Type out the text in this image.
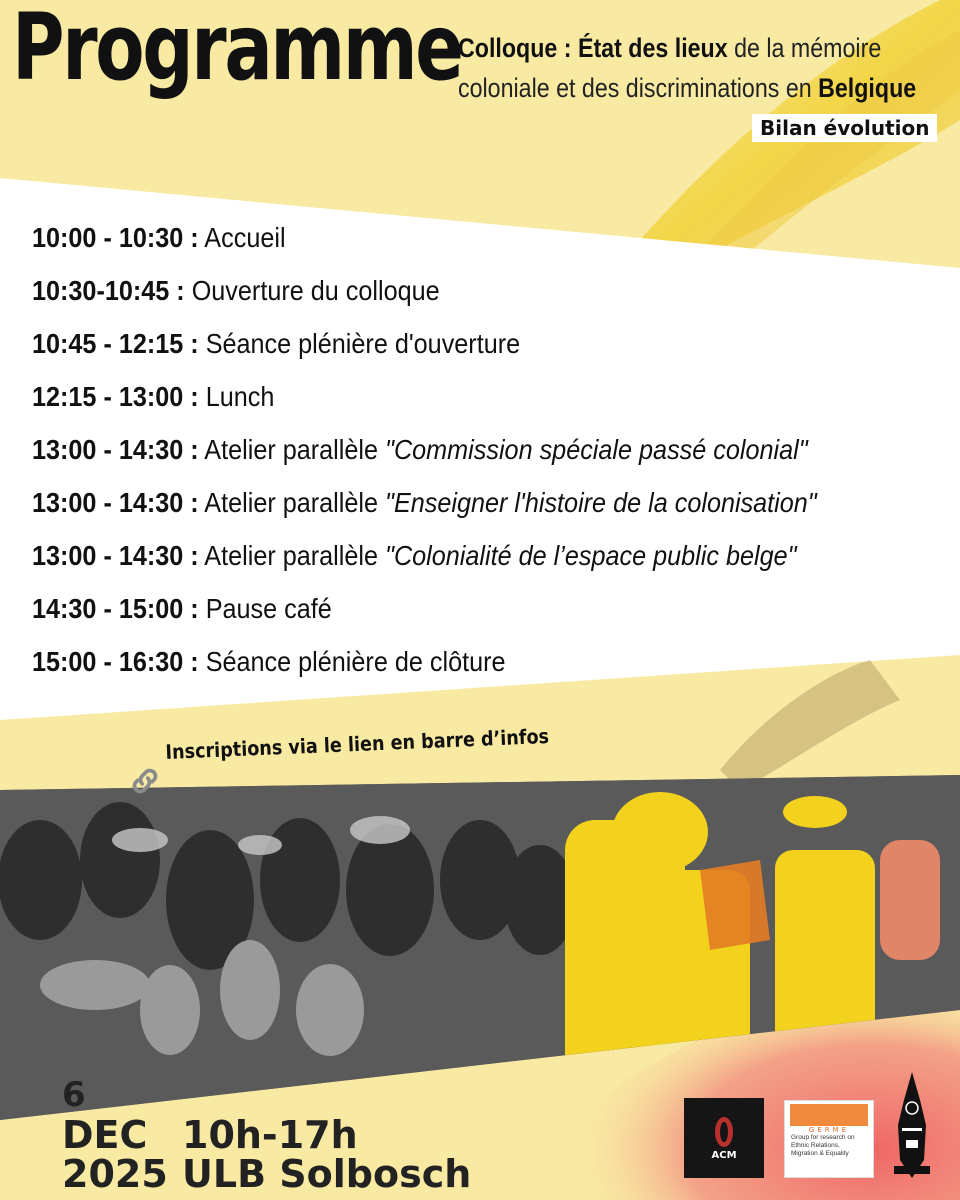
Programme
Colloque : État des lieux de la mémoire
coloniale et des discriminations en Belgique
Bilan évolution
10:00 - 10:30 : Accueil
10:30-10:45 : Ouverture du colloque
10:45 - 12:15 : Séance plénière d'ouverture
12:15 - 13:00 : Lunch
13:00 - 14:30 : Atelier parallèle "Commission spéciale passé colonial"
13:00 - 14:30 : Atelier parallèle "Enseigner l'histoire de la colonisation"
13:00 - 14:30 : Atelier parallèle "Colonialité de l’espace public belge"
14:30 - 15:00 : Pause café
15:00 - 16:30 : Séance plénière de clôture
Inscriptions via le lien en barre d’infos
6
DEC
2025
10h-17h
ULB Solbosch	ACM
GERME
Group for research on Ethnic Relations, Migration & Equality
